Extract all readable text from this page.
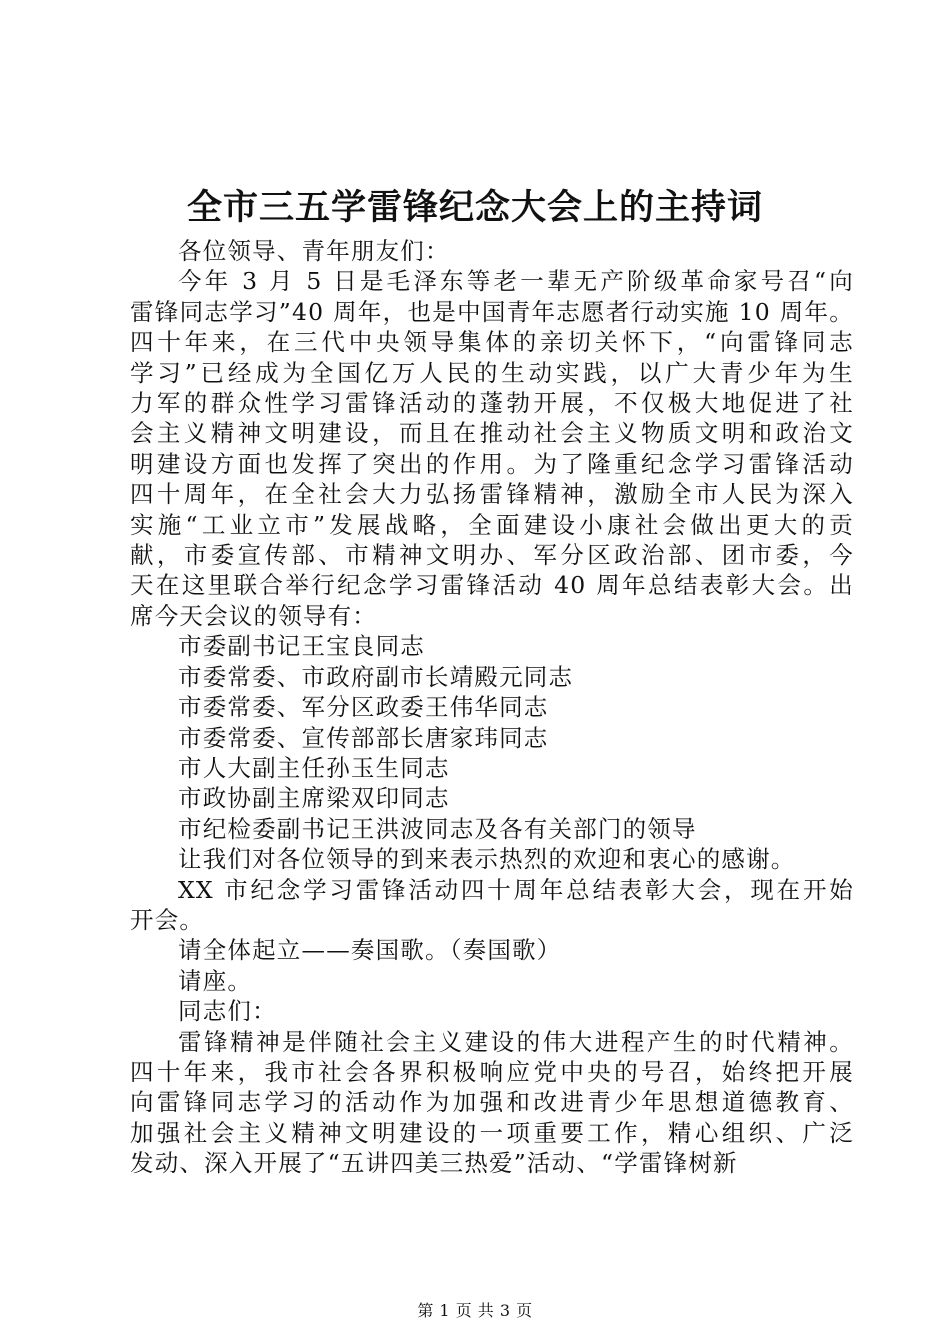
全市三五学雷锋纪念大会上的主持词

各位领导、青年朋友们：

今年 3 月 5 日是毛泽东等老一辈无产阶级革命家号召“向

雷锋同志学习”40 周年，也是中国青年志愿者行动实施 10 周年。

四十年来，在三代中央领导集体的亲切关怀下，“向雷锋同志

学习”已经成为全国亿万人民的生动实践，以广大青少年为生

力军的群众性学习雷锋活动的蓬勃开展，不仅极大地促进了社

会主义精神文明建设，而且在推动社会主义物质文明和政治文

明建设方面也发挥了突出的作用。为了隆重纪念学习雷锋活动

四十周年，在全社会大力弘扬雷锋精神，激励全市人民为深入

实施“工业立市”发展战略，全面建设小康社会做出更大的贡

献，市委宣传部、市精神文明办、军分区政治部、团市委，今

天在这里联合举行纪念学习雷锋活动 40 周年总结表彰大会。出

席今天会议的领导有：

市委副书记王宝良同志

市委常委、市政府副市长靖殿元同志

市委常委、军分区政委王伟华同志

市委常委、宣传部部长唐家玮同志

市人大副主任孙玉生同志

市政协副主席梁双印同志

市纪检委副书记王洪波同志及各有关部门的领导

让我们对各位领导的到来表示热烈的欢迎和衷心的感谢。

XX 市纪念学习雷锋活动四十周年总结表彰大会，现在开始

开会。

请全体起立——奏国歌。（奏国歌）

请座。

同志们：

雷锋精神是伴随社会主义建设的伟大进程产生的时代精神。

四十年来，我市社会各界积极响应党中央的号召，始终把开展

向雷锋同志学习的活动作为加强和改进青少年思想道德教育、

加强社会主义精神文明建设的一项重要工作，精心组织、广泛

发动、深入开展了“五讲四美三热爱”活动、“学雷锋树新

第 1 页 共 3 页
